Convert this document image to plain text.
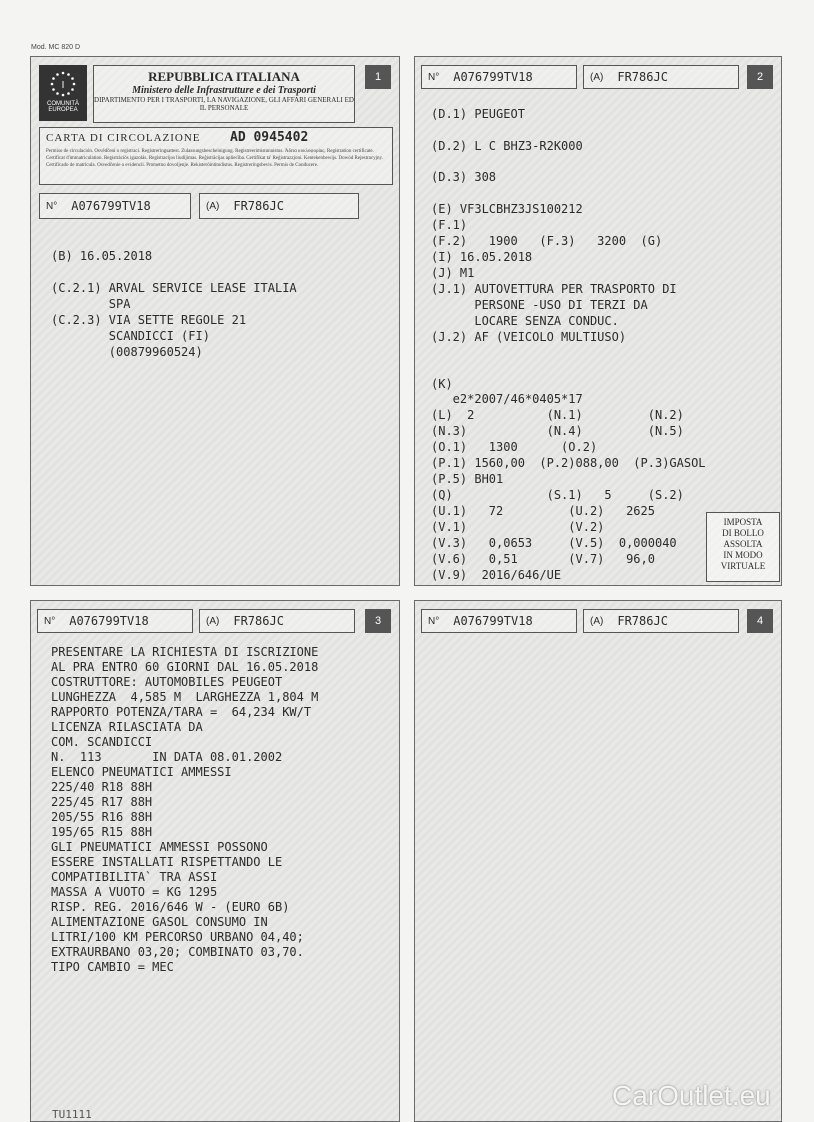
Mod. MC 820 D
I
COMUNITÀ EUROPEA
REPUBBLICA ITALIANA
Ministero delle Infrastrutture e dei Trasporti
DIPARTIMENTO PER I TRASPORTI, LA NAVIGAZIONE, GLI AFFARI GENERALI ED IL PERSONALE
1
CARTA DI CIRCOLAZIONE AD 0945402
Permiso de circulación. Osvědčení o registraci. Registreringsattest. Zulassungsbescheinigung. Registreerimistunnistus. Άδεια κυκλοφορίας. Registration certificate. Certificat d'immatriculation. Registrációs igazolás. Registracijos liudijimas. Reģistrācijas apliecība. Certifikat ta' Reġistrazzjoni. Kentekenbewijs. Dowód Rejestracyjny. Certificado de matrícula. Osvedčenie o evidencii. Prometno dovoljenje. Rekisteröintitodistus. Registreringsbevis. Permis de Conducere.
N° A076799TV18	(A) FR786JC
(B) 16.05.2018
(C.2.1) ARVAL SERVICE LEASE ITALIA
SPA
(C.2.3) VIA SETTE REGOLE 21
SCANDICCI (FI)
(00879960524)
N° A076799TV18	(A) FR786JC	2
(D.1) PEUGEOT
(D.2) L C BHZ3-R2K000
(D.3) 308
(E) VF3LCBHZ3JS100212
(F.1)
(F.2)   1900   (F.3)   3200  (G)
(I) 16.05.2018
(J) M1
(J.1) AUTOVETTURA PER TRASPORTO DI
PERSONE -USO DI TERZI DA
LOCARE SENZA CONDUC.
(J.2) AF (VEICOLO MULTIUSO)
(K)
e2*2007/46*0405*17
(L)  2          (N.1)         (N.2)
(N.3)           (N.4)         (N.5)
(O.1)   1300      (O.2)
(P.1) 1560,00  (P.2)088,00  (P.3)GASOL
(P.5) BH01
(Q)             (S.1)   5     (S.2)
(U.1)   72         (U.2)   2625
(V.1)              (V.2)
(V.3)   0,0653     (V.5)  0,000040
(V.6)   0,51       (V.7)   96,0
(V.9)  2016/646/UE
IMPOSTA
DI BOLLO
ASSOLTA
IN MODO
VIRTUALE
N° A076799TV18	(A) FR786JC	3
PRESENTARE LA RICHIESTA DI ISCRIZIONE
AL PRA ENTRO 60 GIORNI DAL 16.05.2018
COSTRUTTORE: AUTOMOBILES PEUGEOT
LUNGHEZZA  4,585 M  LARGHEZZA 1,804 M
RAPPORTO POTENZA/TARA =  64,234 KW/T
LICENZA RILASCIATA DA
COM. SCANDICCI
N.  113       IN DATA 08.01.2002
ELENCO PNEUMATICI AMMESSI
225/40 R18 88H
225/45 R17 88H
205/55 R16 88H
195/65 R15 88H
GLI PNEUMATICI AMMESSI POSSONO
ESSERE INSTALLATI RISPETTANDO LE
COMPATIBILITA` TRA ASSI
MASSA A VUOTO = KG 1295
RISP. REG. 2016/646 W - (EURO 6B)
ALIMENTAZIONE GASOL CONSUMO IN
LITRI/100 KM PERCORSO URBANO 04,40;
EXTRAURBANO 03,20; COMBINATO 03,70.
TIPO CAMBIO = MEC
N° A076799TV18	(A) FR786JC	4
TU1111
CarOutlet.eu
